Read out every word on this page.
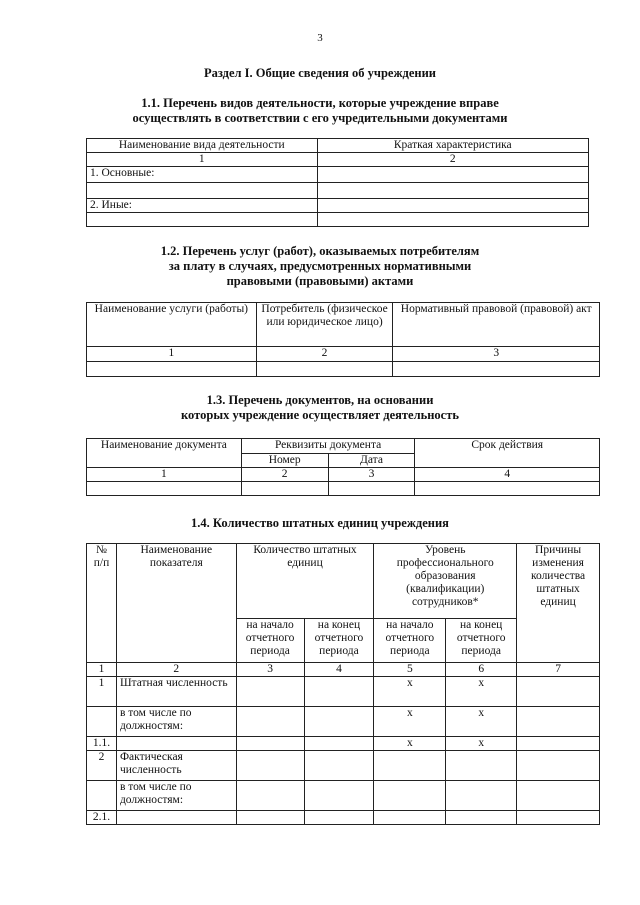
3
Раздел I. Общие сведения об учреждении
1.1. Перечень видов деятельности, которые учреждение вправе
осуществлять в соответствии с его учредительными документами
Наименование вида деятельности	Краткая характеристика
1	2
1. Основные:	

2. Иные:	

1.2. Перечень услуг (работ), оказываемых потребителям
за плату в случаях, предусмотренных нормативными
правовыми (правовыми) актами
Наименование услуги (работы)	Потребитель (физическое или юридическое лицо)	Нормативный правовой (правовой) акт
1	2	3

1.3. Перечень документов, на основании
которых учреждение осуществляет деятельность
Наименование документа	Реквизиты документа		Срок действия
	Номер	Дата	
1	2	3	4

1.4. Количество штатных единиц учреждения
№ п/п	Наименование показателя	Количество штатных единиц		Уровень профессионального образования (квалификации) сотрудников*		Причины изменения количества штатных единиц
		на начало отчетного периода	на конец отчетного периода	на начало отчетного периода	на конец отчетного периода	
1	2	3	4	5	6	7
1	Штатная численность			х	х	
	в том числе по должностям:			х	х	
1.1.				х	х	
2	Фактическая численность					
	в том числе по должностям:					
2.1.						
